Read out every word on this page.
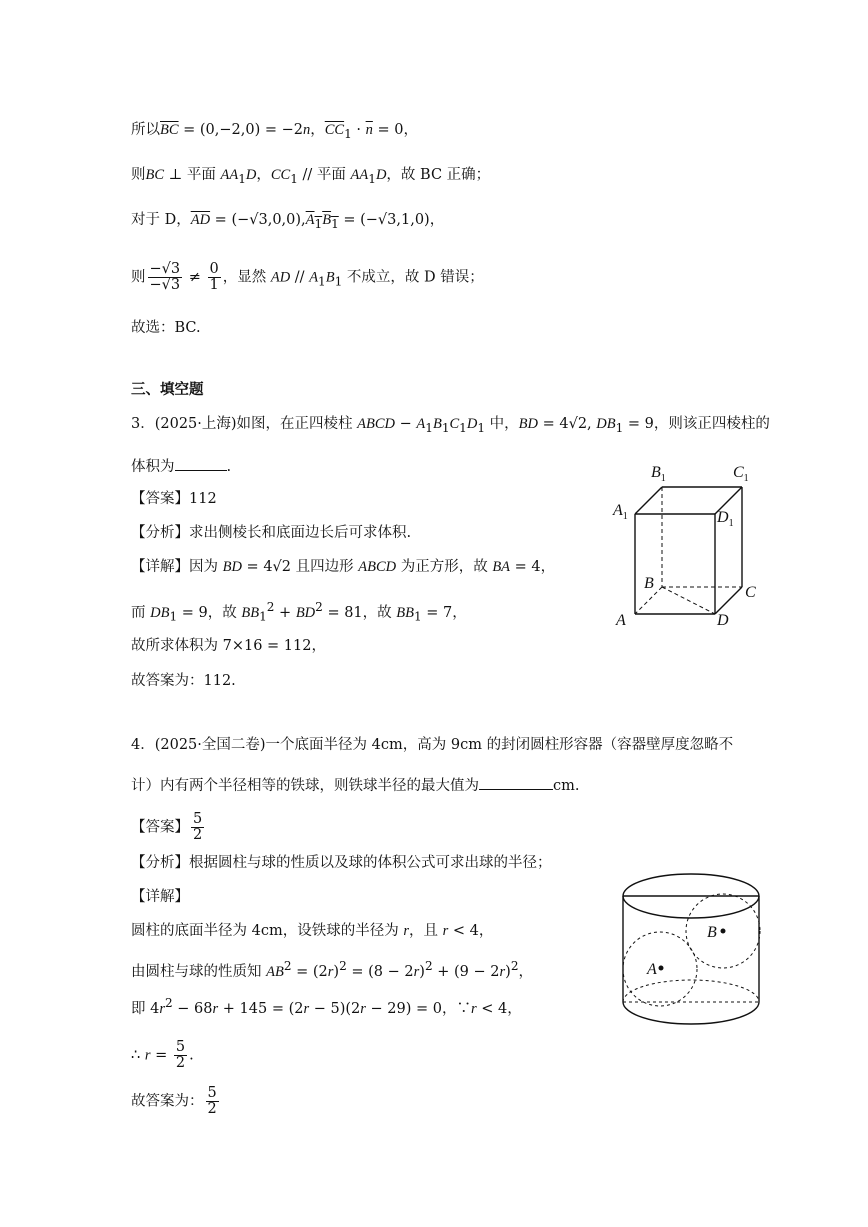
所以$\overline{BC} = (0,-2,0) = -2n$，$\overline{CC}_1 \cdot \overline{n} = 0$，
则BC ⊥ 平面 $AA_1D$，$CC_1$ // 平面 $AA_1D$，故 BC 正确；
对于 D，$\overline{AD} = (-√3,0,0),A_1B_1 = (-√3,1,0)$，
则 $\frac{-√3}{-√3} \ne \frac{0}{1}$ ，显然 AD // $A_1B_1$ 不成立，故 D 错误；
故选：BC.
三、填空题
3．(2025·上海)如图，在正四棱柱 ABCD − $A_1B_1C_1D_1$ 中，BD = 4√2, $DB_1 = 9$，则该正四棱柱的
体积为	.
【答案】112
【分析】求出侧棱长和底面边长后可求体积.
【详解】因为 BD = 4√2 且四边形 ABCD 为正方形，故 BA = 4，
而 $DB_1 = 9$，故 $BB_1^2 + BD^2 = 81$，故 $BB_1 = 7$，
故所求体积为 7×16 = 112，
故答案为：112.
$B_1$	$C_1$
$A_1$	$D_1$
B
C
A	D
4．(2025·全国二卷)一个底面半径为 4cm，高为 9cm 的封闭圆柱形容器（容器壁厚度忽略不
计）内有两个半径相等的铁球，则铁球半径的最大值为	cm.
【答案】 $\frac{5}{2}$
【分析】根据圆柱与球的性质以及球的体积公式可求出球的半径；
【详解】
圆柱的底面半径为 4cm，设铁球的半径为 r，且 r < 4，
由圆柱与球的性质知 $AB^2 = (2r)^2 = (8 - 2r)^2 + (9 - 2r)^2$，
即 $4r^2 - 68r + 145 = (2r - 5)(2r - 29) = 0$，∵r < 4，
∴ $r = \frac{5}{2}$ .
故答案为： $\frac{5}{2}$
A
B
